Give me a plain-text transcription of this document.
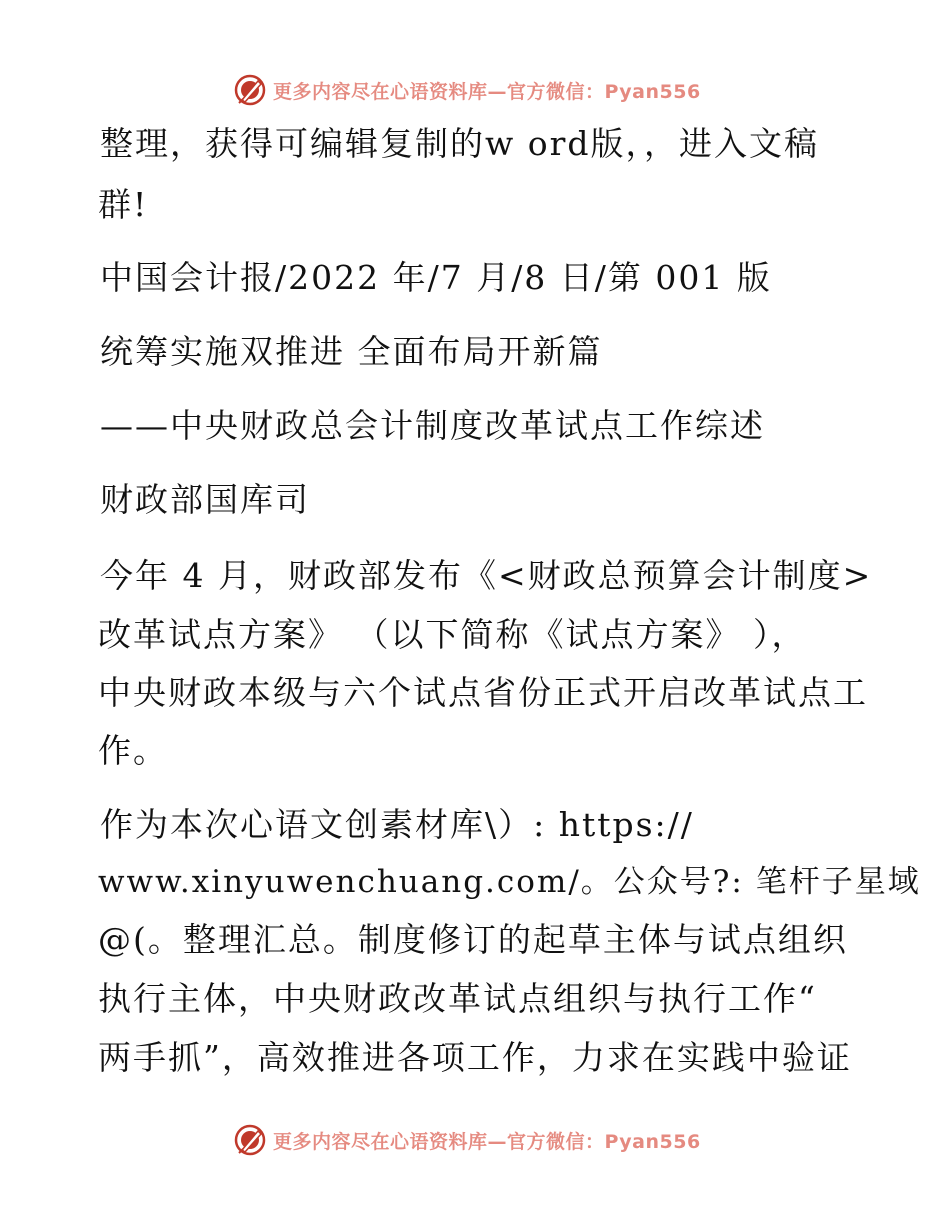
更多内容尽在心语资料库—官方微信：Pyan556
整理，获得可编辑复制的w ord版，，进入文稿
群!
中国会计报/2022 年/7 月/8 日/第 001 版
统筹实施双推进 全面布局开新篇
——中央财政总会计制度改革试点工作综述
财政部国库司
今年 4 月，财政部发布《<财政总预算会计制度>
改革试点方案》 （以下简称《试点方案》 ），
中央财政本级与六个试点省份正式开启改革试点工
作。
作为本次心语文创素材库\）: https://
www.xinyuwenchuang.com/。公众号?: 笔杆子星域
@(。整理汇总。制度修订的起草主体与试点组织
执行主体，中央财政改革试点组织与执行工作“
两手抓”，高效推进各项工作，力求在实践中验证
更多内容尽在心语资料库—官方微信：Pyan556
